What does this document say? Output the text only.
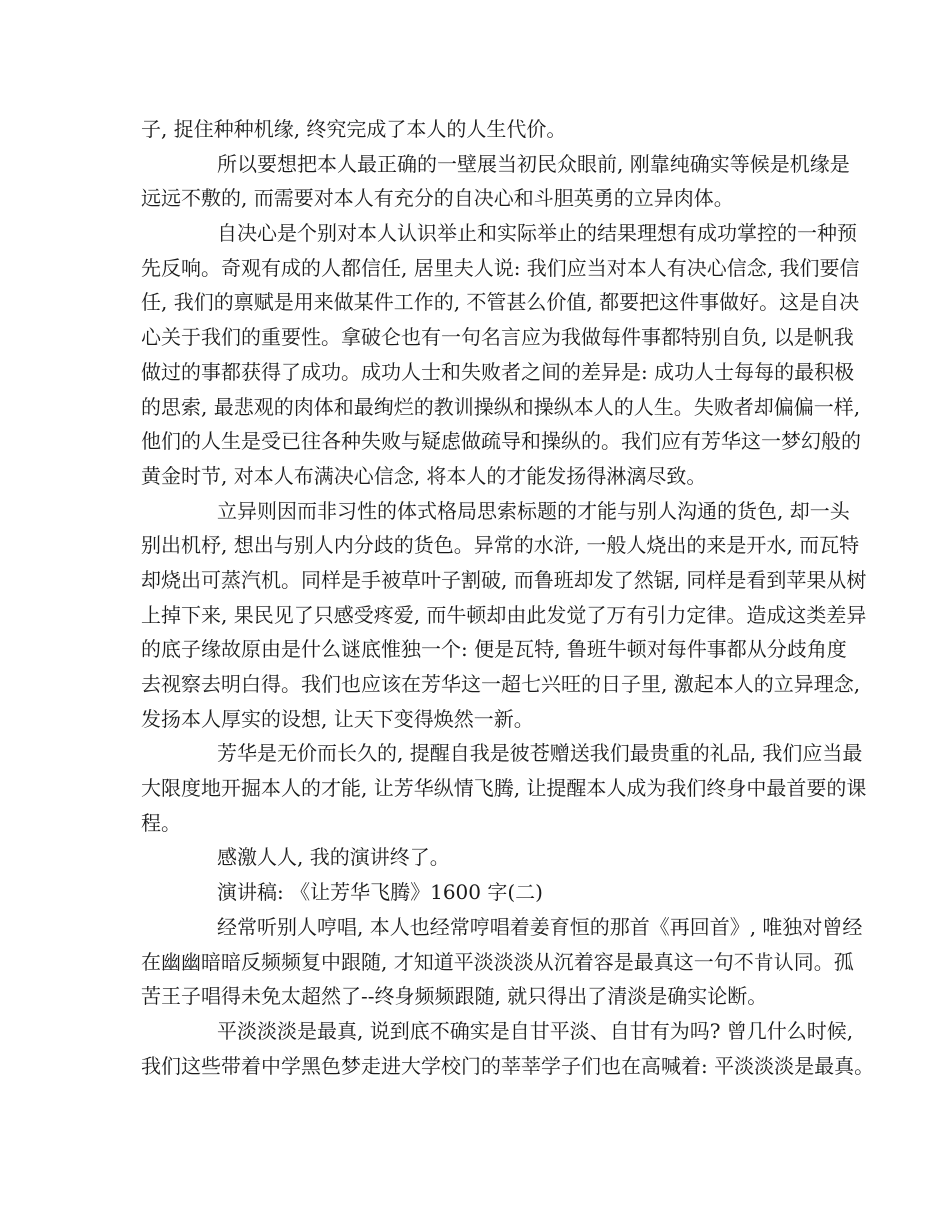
子, 捉住种种机缘, 终究完成了本人的人生代价。
所以要想把本人最正确的一壁展当初民众眼前, 刚靠纯确实等候是机缘是
远远不敷的, 而需要对本人有充分的自决心和斗胆英勇的立异肉体。
自决心是个别对本人认识举止和实际举止的结果理想有成功掌控的一种预
先反响。奇观有成的人都信任, 居里夫人说: 我们应当对本人有决心信念, 我们要信
任, 我们的禀赋是用来做某件工作的, 不管甚么价值, 都要把这件事做好。这是自决
心关于我们的重要性。拿破仑也有一句名言应为我做每件事都特别自负, 以是帆我
做过的事都获得了成功。成功人士和失败者之间的差异是: 成功人士每每的最积极
的思索, 最悲观的肉体和最绚烂的教训操纵和操纵本人的人生。失败者却偏偏一样,
他们的人生是受已往各种失败与疑虑做疏导和操纵的。我们应有芳华这一梦幻般的
黄金时节, 对本人布满决心信念, 将本人的才能发扬得淋漓尽致。
立异则因而非习性的体式格局思索标题的才能与别人沟通的货色, 却一头
别出机杼, 想出与别人内分歧的货色。异常的水浒, 一般人烧出的来是开水, 而瓦特
却烧出可蒸汽机。同样是手被草叶子割破, 而鲁班却发了然锯, 同样是看到苹果从树
上掉下来, 果民见了只感受疼爱, 而牛顿却由此发觉了万有引力定律。造成这类差异
的底子缘故原由是什么谜底惟独一个: 便是瓦特, 鲁班牛顿对每件事都从分歧角度
去视察去明白得。我们也应该在芳华这一超七兴旺的日子里, 激起本人的立异理念,
发扬本人厚实的设想, 让天下变得焕然一新。
芳华是无价而长久的, 提醒自我是彼苍赠送我们最贵重的礼品, 我们应当最
大限度地开掘本人的才能, 让芳华纵情飞腾, 让提醒本人成为我们终身中最首要的课
程。
感激人人, 我的演讲终了。
演讲稿: 《让芳华飞腾》1600 字(二)
经常听别人哼唱, 本人也经常哼唱着姜育恒的那首《再回首》, 唯独对曾经
在幽幽暗暗反频频复中跟随, 才知道平淡淡淡从沉着容是最真这一句不肯认同。孤
苦王子唱得未免太超然了--终身频频跟随, 就只得出了清淡是确实论断。
平淡淡淡是最真, 说到底不确实是自甘平淡、自甘有为吗? 曾几什么时候,
我们这些带着中学黑色梦走进大学校门的莘莘学子们也在高喊着: 平淡淡淡是最真。
